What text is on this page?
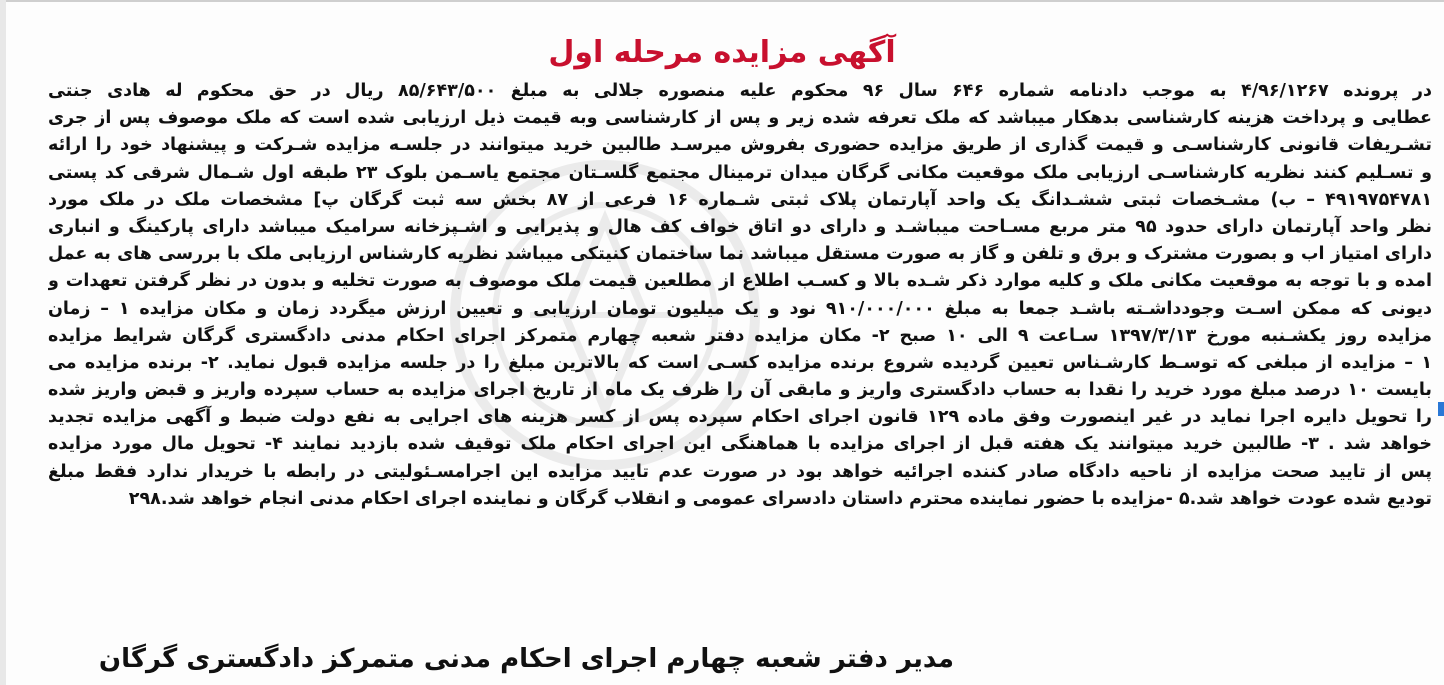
آگهی مزایده مرحله اول
در پرونده ۴/۹۶/۱۲۶۷ به موجب دادنامه شماره ۶۴۶ سال ۹۶ محکوم علیه منصوره جلالی به مبلغ ۸۵/۶۴۳/۵۰۰ ریال در حق محکوم له هادی جنتی
عطایی و پرداخت هزینه کارشناسی بدهکار میباشد که ملک تعرفه شده زیر و پس از کارشناسی وبه قیمت ذیل ارزیابی شده است که ملک موصوف پس از جری
تشـریفات قانونی کارشناسـی و قیمت گذاری از طریق مزایده حضوری بفروش میرسـد طالبین خرید میتوانند در جلسـه مزایده شـرکت و پیشنهاد خود را ارائه
و تسـلیم کنند نظریه کارشناسـی ارزیابی ملک موقعیت مکانی گرگان میدان ترمینال مجتمع گلسـتان مجتمع یاسـمن بلوک ۲۳ طبقه اول شـمال شرقی کد پستی
۴۹۱۹۷۵۴۷۸۱ – ب) مشـخصات ثبتی ششـدانگ یک واحد آپارتمان پلاک ثبتی شـماره ۱۶ فرعی از ۸۷ بخش سه ثبت گرگان پ] مشخصات ملک در ملک مورد
نظر واحد آپارتمان دارای حدود ۹۵ متر مربع مسـاحت میباشـد و دارای دو اتاق خواف کف هال و پذیرایی و اشـپزخانه سرامیک میباشد دارای پارکینگ و انباری
دارای امتیاز اب و بصورت مشترک و برق و تلفن و گاز به صورت مستقل میباشد نما ساختمان کنیتکی میباشد نظریه کارشناس ارزیابی ملک با بررسی های به عمل
امده و با توجه به موقعیت مکانی ملک و کلیه موارد ذکر شـده بالا و کسـب اطلاع از مطلعین قیمت ملک موصوف به صورت تخلیه و بدون در نظر گرفتن تعهدات و
دیونی که ممکن اسـت وجودداشـته باشـد جمعا به مبلغ ۹۱۰/۰۰۰/۰۰۰ نود و یک میلیون تومان ارزیابی و تعیین ارزش میگردد زمان و مکان مزایده ۱ – زمان
مزایده روز یکشـنبه مورخ ۱۳۹۷/۳/۱۳ سـاعت ۹ الی ۱۰ صبح ۲- مکان مزایده دفتر شعبه چهارم متمرکز اجرای احکام مدنی دادگستری گرگان شرایط مزایده
۱ – مزایده از مبلغی که توسـط کارشـناس تعیین گردیده شروع برنده مزایده کسـی است که بالاترین مبلغ را در جلسه مزایده قبول نماید. ۲- برنده مزایده می
بایست ۱۰ درصد مبلغ مورد خرید را نقدا به حساب دادگستری واریز و مابقی آن را ظرف یک ماه از تاریخ اجرای مزایده به حساب سپرده واریز و قبض واریز شده
را تحویل دایره اجرا نماید در غیر اینصورت وفق ماده ۱۲۹ قانون اجرای احکام سپرده پس از کسر هزینه های اجرایی به نفع دولت ضبط و آگهی مزایده تجدید
خواهد شد . ۳- طالبین خرید میتوانند یک هفته قبل از اجرای مزایده با هماهنگی این اجرای احکام ملک توقیف شده بازدید نمایند ۴- تحویل مال مورد مزایده
پس از تایید صحت مزایده از ناحیه دادگاه صادر کننده اجرائیه خواهد بود در صورت عدم تایید مزایده این اجرامسـئولیتی در رابطه با خریدار ندارد فقط مبلغ
تودیع شده عودت خواهد شد.۵ -مزایده با حضور نماینده محترم داستان دادسرای عمومی و انقلاب گرگان و نماینده اجرای احکام مدنی انجام خواهد شد.۲۹۸
مدیر دفتر شعبه چهارم اجرای احکام مدنی متمرکز دادگستری گرگان
